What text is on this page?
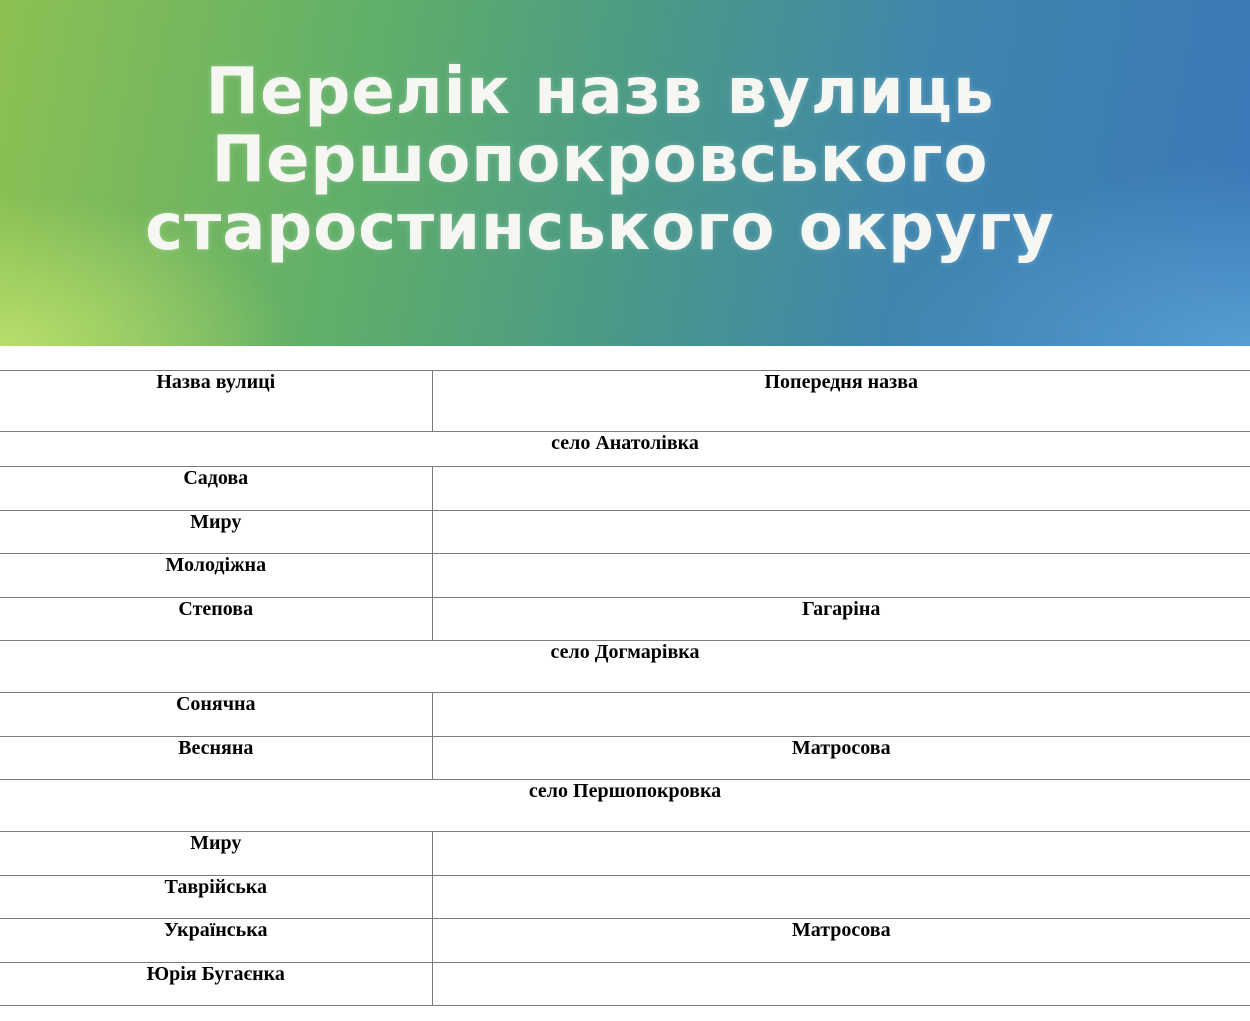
Перелік назв вулиць
Першопокровського
старостинського округу
Назва вулиці	Попередня назва
село Анатолівка	
Садова	
Миру	
Молодіжна	
Степова	Гагаріна
село Догмарівка	
Сонячна	
Весняна	Матросова
село Першопокровка	
Миру	
Таврійська	
Українська	Матросова
Юрія Бугаєнка	
